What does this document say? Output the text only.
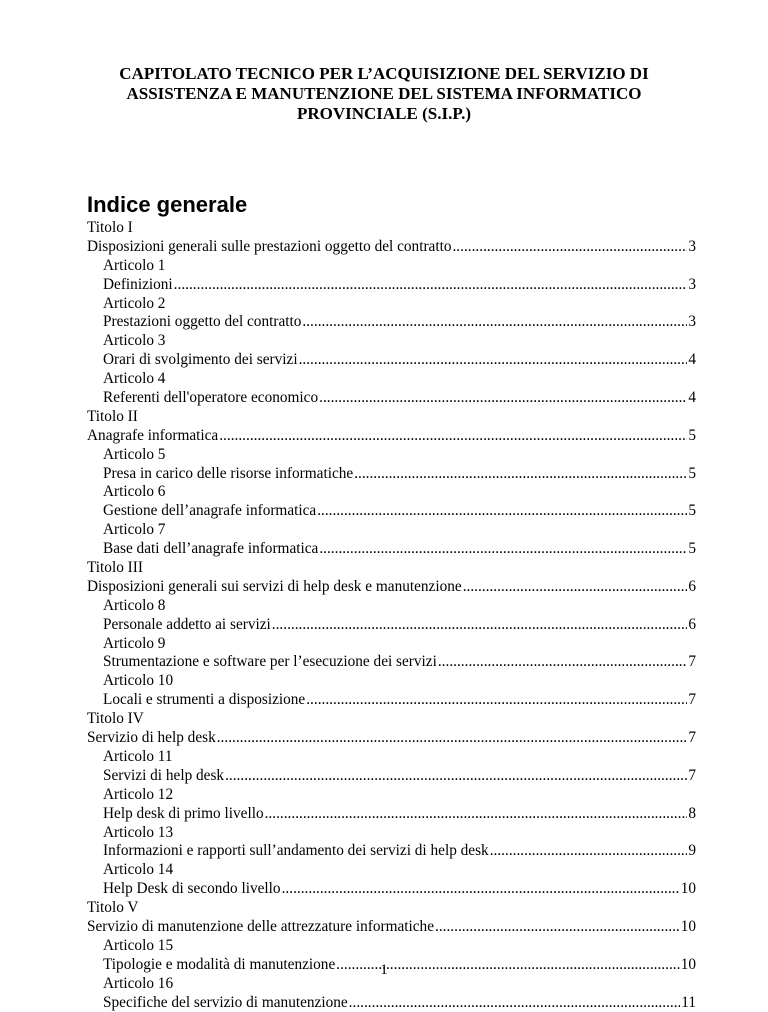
CAPITOLATO TECNICO PER L’ACQUISIZIONE DEL SERVIZIO DI
ASSISTENZA E MANUTENZIONE DEL SISTEMA INFORMATICO
PROVINCIALE (S.I.P.)
Indice generale
Titolo I
Disposizioni generali sulle prestazioni oggetto del contratto .....	3
Articolo 1
Definizioni .....	3
Articolo 2
Prestazioni oggetto del contratto .....	3
Articolo 3
Orari di svolgimento dei servizi .....	4
Articolo 4
Referenti dell'operatore economico .....	4
Titolo II
Anagrafe informatica .....	5
Articolo 5
Presa in carico delle risorse informatiche .....	5
Articolo 6
Gestione dell’anagrafe informatica .....	5
Articolo 7
Base dati dell’anagrafe informatica .....	5
Titolo III
Disposizioni generali sui servizi di help desk e manutenzione .....	6
Articolo 8
Personale addetto ai servizi .....	6
Articolo 9
Strumentazione e software per l’esecuzione dei servizi .....	7
Articolo 10
Locali e strumenti a disposizione .....	7
Titolo IV
Servizio di help desk .....	7
Articolo 11
Servizi di help desk .....	7
Articolo 12
Help desk di primo livello .....	8
Articolo 13
Informazioni e rapporti sull’andamento dei servizi di help desk .....	9
Articolo 14
Help Desk di secondo livello .....	10
Titolo V
Servizio di manutenzione delle attrezzature informatiche .....	10
Articolo 15
Tipologie e modalità di manutenzione .....	10
Articolo 16
Specifiche del servizio di manutenzione .....	11
1
